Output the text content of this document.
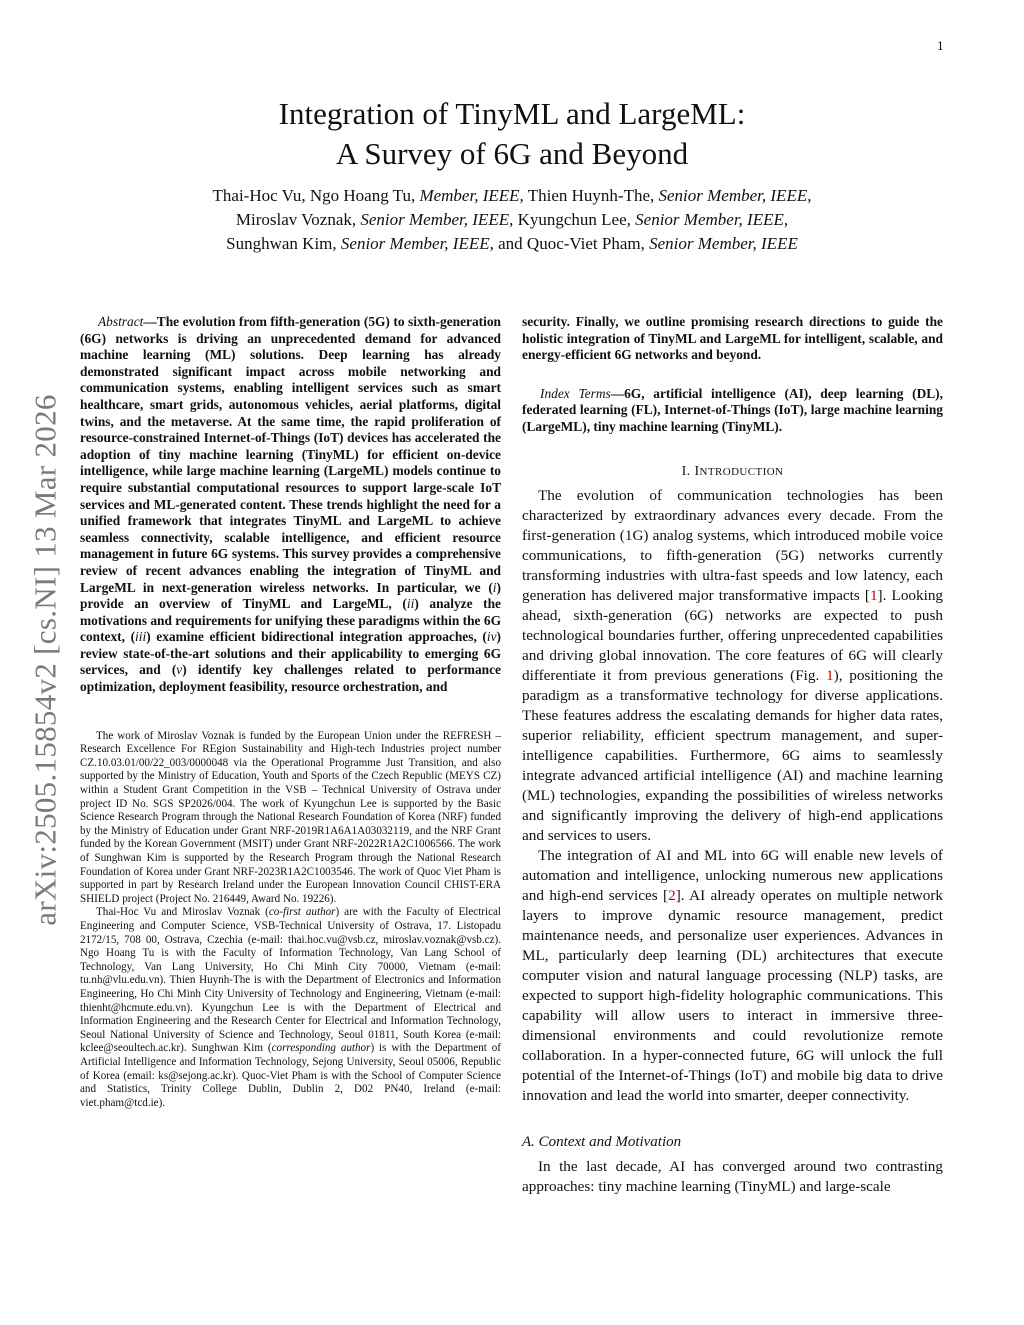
1
arXiv:2505.15854v2 [cs.NI] 13 Mar 2026
Integration of TinyML and LargeML:
A Survey of 6G and Beyond
Thai-Hoc Vu, Ngo Hoang Tu, Member, IEEE, Thien Huynh-The, Senior Member, IEEE,
Miroslav Voznak, Senior Member, IEEE, Kyungchun Lee, Senior Member, IEEE,
Sunghwan Kim, Senior Member, IEEE, and Quoc-Viet Pham, Senior Member, IEEE

Abstract—The evolution from fifth-generation (5G) to sixth-generation (6G) networks is driving an unprecedented demand for advanced machine learning (ML) solutions. Deep learning has already demonstrated significant impact across mobile networking and communication systems, enabling intelligent services such as smart healthcare, smart grids, autonomous vehicles, aerial platforms, digital twins, and the metaverse. At the same time, the rapid proliferation of resource-constrained Internet-of-Things (IoT) devices has accelerated the adoption of tiny machine learning (TinyML) for efficient on-device intelligence, while large machine learning (LargeML) models continue to require substantial computational resources to support large-scale IoT services and ML-generated content. These trends highlight the need for a unified framework that integrates TinyML and LargeML to achieve seamless connectivity, scalable intelligence, and efficient resource management in future 6G systems. This survey provides a comprehensive review of recent advances enabling the integration of TinyML and LargeML in next-generation wireless networks. In particular, we (i) provide an overview of TinyML and LargeML, (ii) analyze the motivations and requirements for unifying these paradigms within the 6G context, (iii) examine efficient bidirectional integration approaches, (iv) review state-of-the-art solutions and their applicability to emerging 6G services, and (v) identify key challenges related to performance optimization, deployment feasibility, resource orchestration, and

The work of Miroslav Voznak is funded by the European Union under the REFRESH – Research Excellence For REgion Sustainability and High-tech Industries project number CZ.10.03.01/00/22_003/0000048 via the Operational Programme Just Transition, and also supported by the Ministry of Education, Youth and Sports of the Czech Republic (MEYS CZ) within a Student Grant Competition in the VSB – Technical University of Ostrava under project ID No. SGS SP2026/004. The work of Kyungchun Lee is supported by the Basic Science Research Program through the National Research Foundation of Korea (NRF) funded by the Ministry of Education under Grant NRF-2019R1A6A1A03032119, and the NRF Grant funded by the Korean Government (MSIT) under Grant NRF-2022R1A2C1006566. The work of Sunghwan Kim is supported by the Research Program through the National Research Foundation of Korea under Grant NRF-2023R1A2C1003546. The work of Quoc Viet Pham is supported in part by Research Ireland under the European Innovation Council CHIST-ERA SHIELD project (Project No. 216449, Award No. 19226).

Thai-Hoc Vu and Miroslav Voznak (co-first author) are with the Faculty of Electrical Engineering and Computer Science, VSB-Technical University of Ostrava, 17. Listopadu 2172/15, 708 00, Ostrava, Czechia (e-mail: thai.hoc.vu@vsb.cz, miroslav.voznak@vsb.cz). Ngo Hoang Tu is with the Faculty of Information Technology, Van Lang School of Technology, Van Lang University, Ho Chi Minh City 70000, Vietnam (e-mail: tu.nh@vlu.edu.vn). Thien Huynh-The is with the Department of Electronics and Information Engineering, Ho Chi Minh City University of Technology and Engineering, Vietnam (e-mail: thienht@hcmute.edu.vn). Kyungchun Lee is with the Department of Electrical and Information Engineering and the Research Center for Electrical and Information Technology, Seoul National University of Science and Technology, Seoul 01811, South Korea (e-mail: kclee@seoultech.ac.kr). Sunghwan Kim (corresponding author) is with the Department of Artificial Intelligence and Information Technology, Sejong University, Seoul 05006, Republic of Korea (email: ks@sejong.ac.kr). Quoc-Viet Pham is with the School of Computer Science and Statistics, Trinity College Dublin, Dublin 2, D02 PN40, Ireland (e-mail: viet.pham@tcd.ie).

security. Finally, we outline promising research directions to guide the holistic integration of TinyML and LargeML for intelligent, scalable, and energy-efficient 6G networks and beyond.

Index Terms—6G, artificial intelligence (AI), deep learning (DL), federated learning (FL), Internet-of-Things (IoT), large machine learning (LargeML), tiny machine learning (TinyML).

I. INTRODUCTION

The evolution of communication technologies has been characterized by extraordinary advances every decade. From the first-generation (1G) analog systems, which introduced mobile voice communications, to fifth-generation (5G) networks currently transforming industries with ultra-fast speeds and low latency, each generation has delivered major transformative impacts [1]. Looking ahead, sixth-generation (6G) networks are expected to push technological boundaries further, offering unprecedented capabilities and driving global innovation. The core features of 6G will clearly differentiate it from previous generations (Fig. 1), positioning the paradigm as a transformative technology for diverse applications. These features address the escalating demands for higher data rates, superior reliability, efficient spectrum management, and super-intelligence capabilities. Furthermore, 6G aims to seamlessly integrate advanced artificial intelligence (AI) and machine learning (ML) technologies, expanding the possibilities of wireless networks and significantly improving the delivery of high-end applications and services to users.

The integration of AI and ML into 6G will enable new levels of automation and intelligence, unlocking numerous new applications and high-end services [2]. AI already operates on multiple network layers to improve dynamic resource management, predict maintenance needs, and personalize user experiences. Advances in ML, particularly deep learning (DL) architectures that execute computer vision and natural language processing (NLP) tasks, are expected to support high-fidelity holographic communications. This capability will allow users to interact in immersive three-dimensional environments and could revolutionize remote collaboration. In a hyper-connected future, 6G will unlock the full potential of the Internet-of-Things (IoT) and mobile big data to drive innovation and lead the world into smarter, deeper connectivity.

A. Context and Motivation

In the last decade, AI has converged around two contrasting approaches: tiny machine learning (TinyML) and large-scale
